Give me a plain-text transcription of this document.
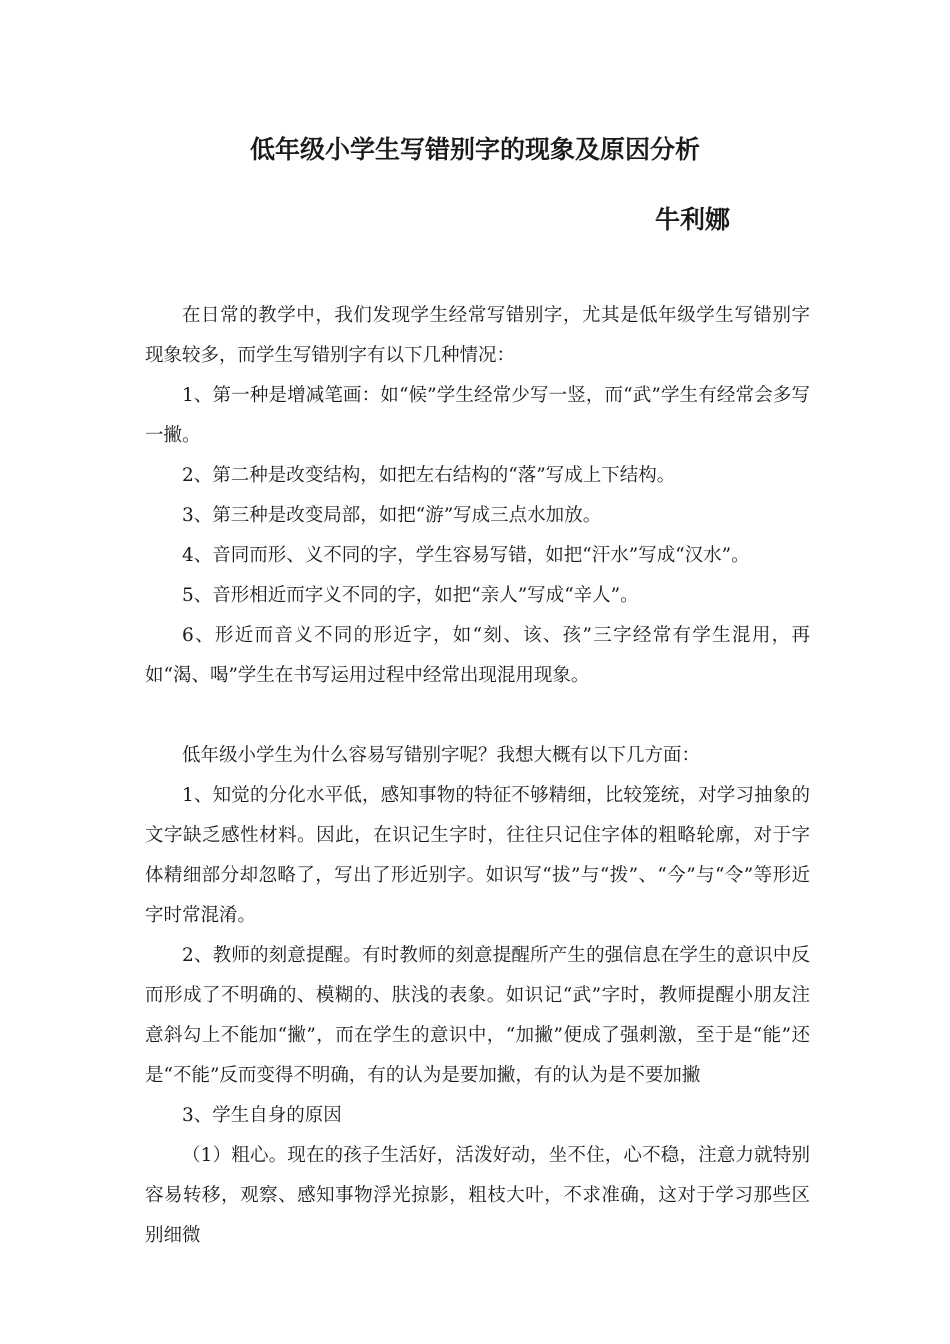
低年级小学生写错别字的现象及原因分析
牛利娜

在日常的教学中，我们发现学生经常写错别字，尤其是低年级学生写错别字现象较多，而学生写错别字有以下几种情况：

1、第一种是增减笔画：如“候”学生经常少写一竖，而“武”学生有经常会多写一撇。

2、第二种是改变结构，如把左右结构的“落”写成上下结构。

3、第三种是改变局部，如把“游”写成三点水加放。

4、音同而形、义不同的字，学生容易写错，如把“汗水”写成“汉水”。

5、音形相近而字义不同的字，如把“亲人”写成“辛人”。

6、形近而音义不同的形近字，如“刻、该、孩”三字经常有学生混用，再如“渴、喝”学生在书写运用过程中经常出现混用现象。

低年级小学生为什么容易写错别字呢？我想大概有以下几方面：

1、知觉的分化水平低，感知事物的特征不够精细，比较笼统，对学习抽象的文字缺乏感性材料。因此，在识记生字时，往往只记住字体的粗略轮廓，对于字体精细部分却忽略了，写出了形近别字。如识写“拔”与“拨”、“今”与“令”等形近字时常混淆。

2、教师的刻意提醒。有时教师的刻意提醒所产生的强信息在学生的意识中反而形成了不明确的、模糊的、肤浅的表象。如识记“武”字时，教师提醒小朋友注意斜勾上不能加“撇”，而在学生的意识中，“加撇”便成了强刺激，至于是“能”还是“不能”反而变得不明确，有的认为是要加撇，有的认为是不要加撇

3、学生自身的原因

（1）粗心。现在的孩子生活好，活泼好动，坐不住，心不稳，注意力就特别容易转移，观察、感知事物浮光掠影，粗枝大叶，不求准确，这对于学习那些区别细微
